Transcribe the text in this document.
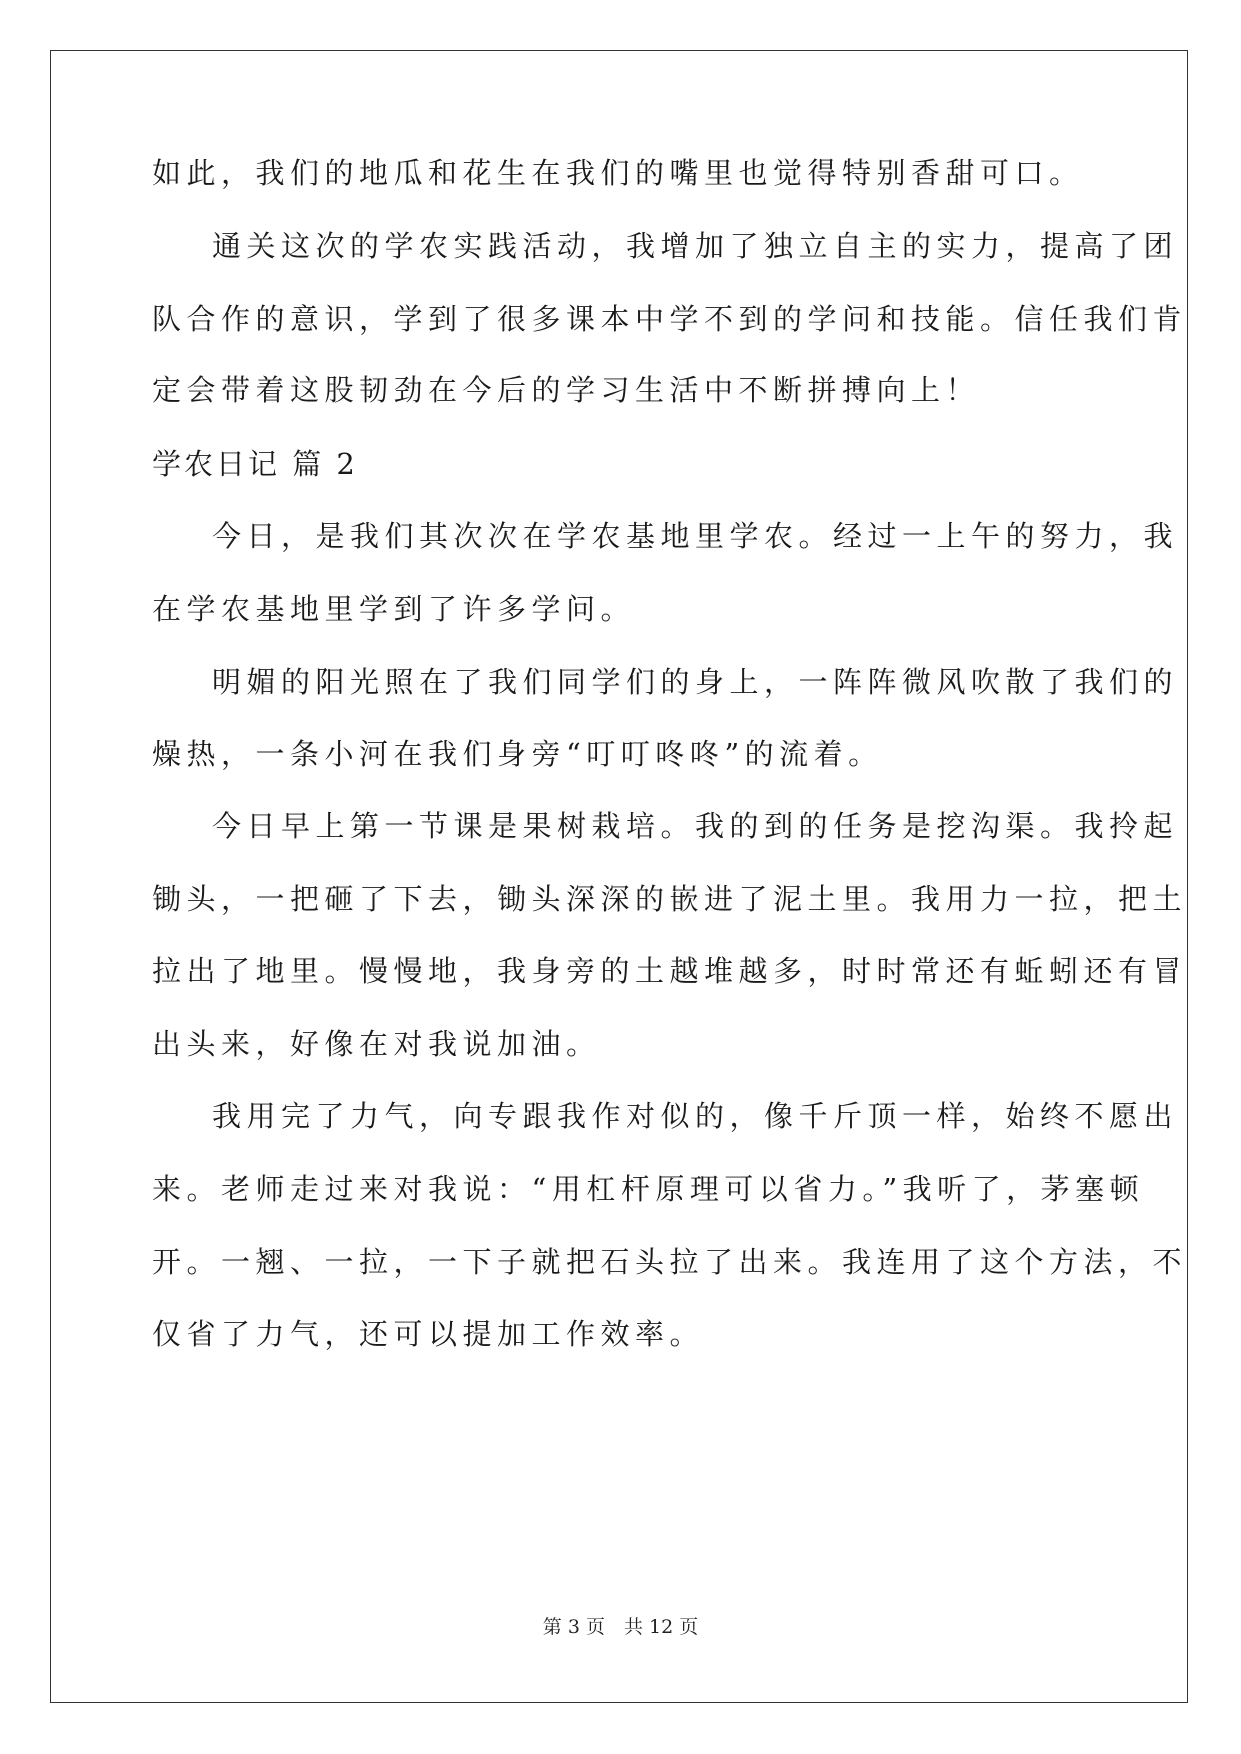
如此，我们的地瓜和花生在我们的嘴里也觉得特别香甜可口。
通关这次的学农实践活动，我增加了独立自主的实力，提高了团
队合作的意识，学到了很多课本中学不到的学问和技能。信任我们肯
定会带着这股韧劲在今后的学习生活中不断拼搏向上！
学农日记 篇 2
今日，是我们其次次在学农基地里学农。经过一上午的努力，我
在学农基地里学到了许多学问。
明媚的阳光照在了我们同学们的身上，一阵阵微风吹散了我们的
燥热，一条小河在我们身旁“叮叮咚咚”的流着。
今日早上第一节课是果树栽培。我的到的任务是挖沟渠。我拎起
锄头，一把砸了下去，锄头深深的嵌进了泥土里。我用力一拉，把土
拉出了地里。慢慢地，我身旁的土越堆越多，时时常还有蚯蚓还有冒
出头来，好像在对我说加油。
我用完了力气，向专跟我作对似的，像千斤顶一样，始终不愿出
来。老师走过来对我说：“用杠杆原理可以省力。”我听了，茅塞顿
开。一翘、一拉，一下子就把石头拉了出来。我连用了这个方法，不
仅省了力气，还可以提加工作效率。
第 3 页　共 12 页
